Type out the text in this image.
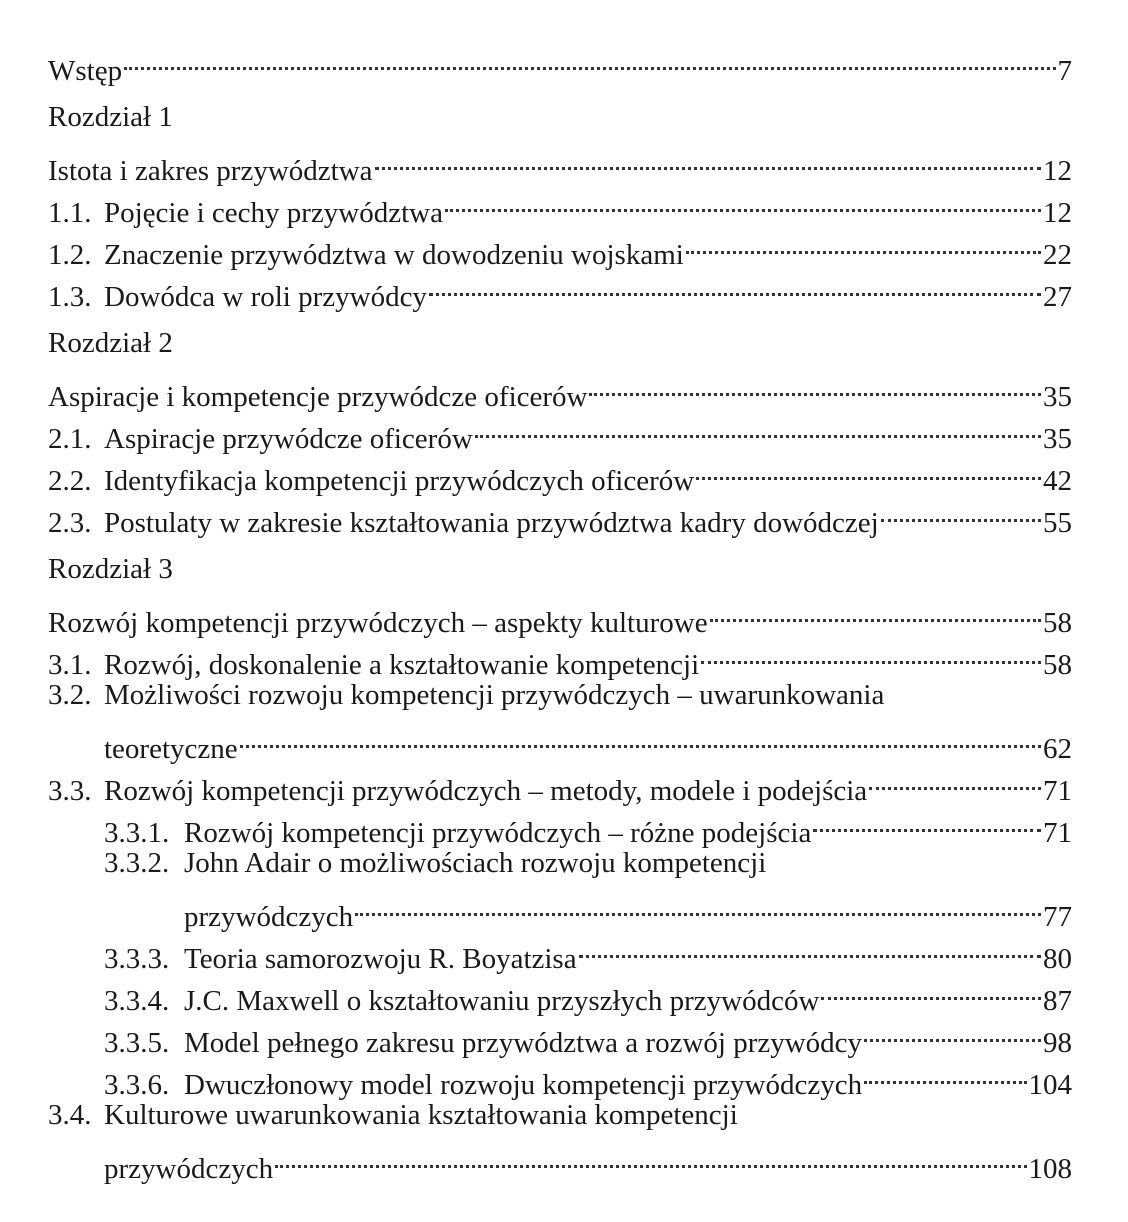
Wstęp	7
Rozdział 1
Istota i zakres przywództwa	12
1.1. Pojęcie i cechy przywództwa	12
1.2. Znaczenie przywództwa w dowodzeniu wojskami	22
1.3. Dowódca w roli przywódcy	27
Rozdział 2
Aspiracje i kompetencje przywódcze oficerów	35
2.1. Aspiracje przywódcze oficerów	35
2.2. Identyfikacja kompetencji przywódczych oficerów	42
2.3. Postulaty w zakresie kształtowania przywództwa kadry dowódczej	55
Rozdział 3
Rozwój kompetencji przywódczych – aspekty kulturowe	58
3.1. Rozwój, doskonalenie a kształtowanie kompetencji	58
3.2. Możliwości rozwoju kompetencji przywódczych – uwarunkowania
teoretyczne	62
3.3. Rozwój kompetencji przywódczych – metody, modele i podejścia	71
3.3.1. Rozwój kompetencji przywódczych – różne podejścia	71
3.3.2. John Adair o możliwościach rozwoju kompetencji
przywódczych	77
3.3.3. Teoria samorozwoju R. Boyatzisa	80
3.3.4. J.C. Maxwell o kształtowaniu przyszłych przywódców	87
3.3.5. Model pełnego zakresu przywództwa a rozwój przywódcy	98
3.3.6. Dwuczłonowy model rozwoju kompetencji przywódczych	104
3.4. Kulturowe uwarunkowania kształtowania kompetencji
przywódczych	108
